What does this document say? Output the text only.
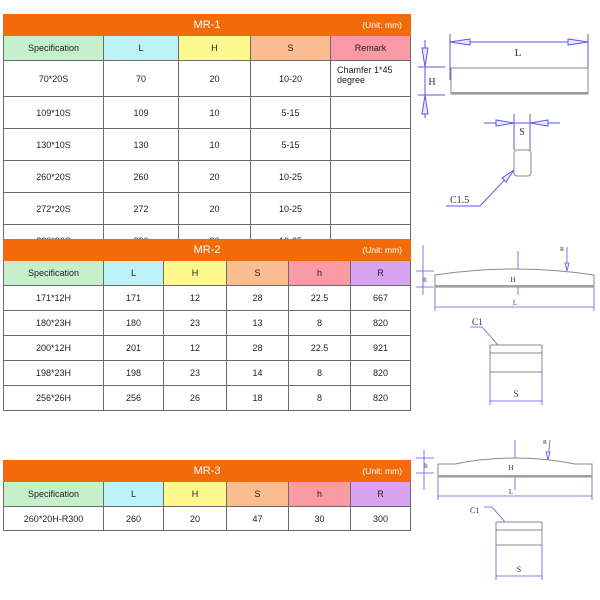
MR-1	(Unit: mm)

Specification	L	H	S	Remark
70*20S	70	20	10-20	Chamfer 1*45 degree
109*10S	109	10	5-15	
130*10S	130	10	5-15	
260*20S	260	20	10-25	
272*20S	272	20	10-25	

MR-2	(Unit: mm)

Specification	L	H	S	h	R
171*12H	171	12	28	22.5	667
180*23H	180	23	13	8	820
200*12H	201	12	28	22.5	921
198*23H	198	23	14	8	820
256*26H	256	26	18	8	820
MR-3	(Unit: mm)

Specification	L	H	S	h	R
260*20H-R300	260	20	47	30	300
L
H
S
C1.5
h	H
R
L
C1
S
h	H
R
L
C1
S
